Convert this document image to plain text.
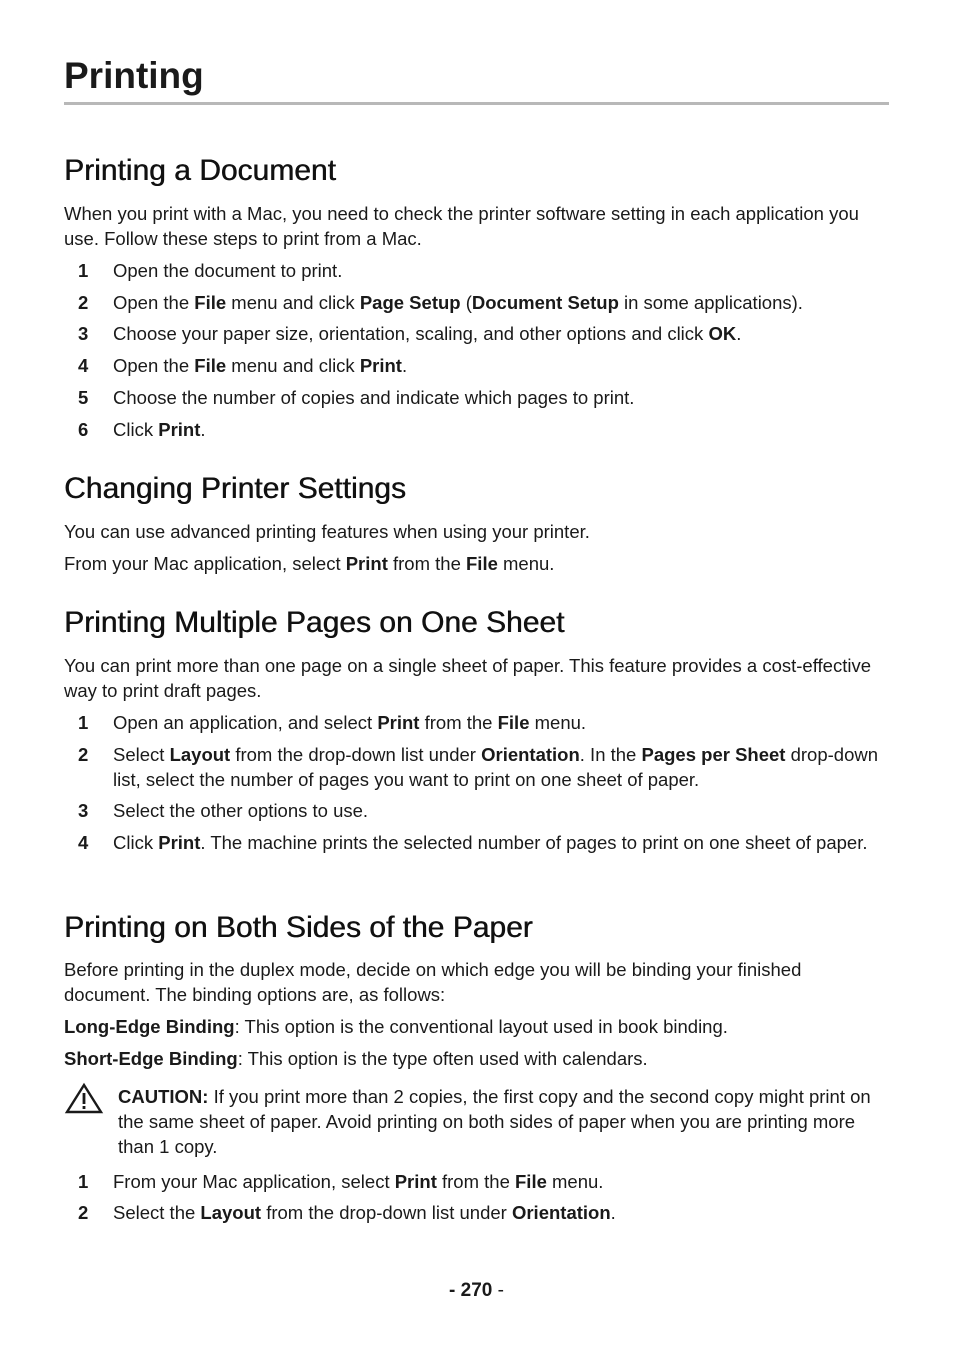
Printing
Printing a Document

When you print with a Mac, you need to check the printer software setting in each application you use. Follow these steps to print from a Mac.

1 Open the document to print.
2 Open the File menu and click Page Setup (Document Setup in some applications).
3 Choose your paper size, orientation, scaling, and other options and click OK.
4 Open the File menu and click Print.
5 Choose the number of copies and indicate which pages to print.
6 Click Print.
Changing Printer Settings

You can use advanced printing features when using your printer.

From your Mac application, select Print from the File menu.

Printing Multiple Pages on One Sheet

You can print more than one page on a single sheet of paper. This feature provides a cost-effective way to print draft pages.

1 Open an application, and select Print from the File menu.
2 Select Layout from the drop-down list under Orientation. In the Pages per Sheet drop-down list, select the number of pages you want to print on one sheet of paper.
3 Select the other options to use.
4 Click Print. The machine prints the selected number of pages to print on one sheet of paper.
Printing on Both Sides of the Paper

Before printing in the duplex mode, decide on which edge you will be binding your finished document. The binding options are, as follows:

Long-Edge Binding: This option is the conventional layout used in book binding.

Short-Edge Binding: This option is the type often used with calendars.

CAUTION: If you print more than 2 copies, the first copy and the second copy might print on the same sheet of paper. Avoid printing on both sides of paper when you are printing more than 1 copy.
1 From your Mac application, select Print from the File menu.
2 Select the Layout from the drop-down list under Orientation.
- 270 -
